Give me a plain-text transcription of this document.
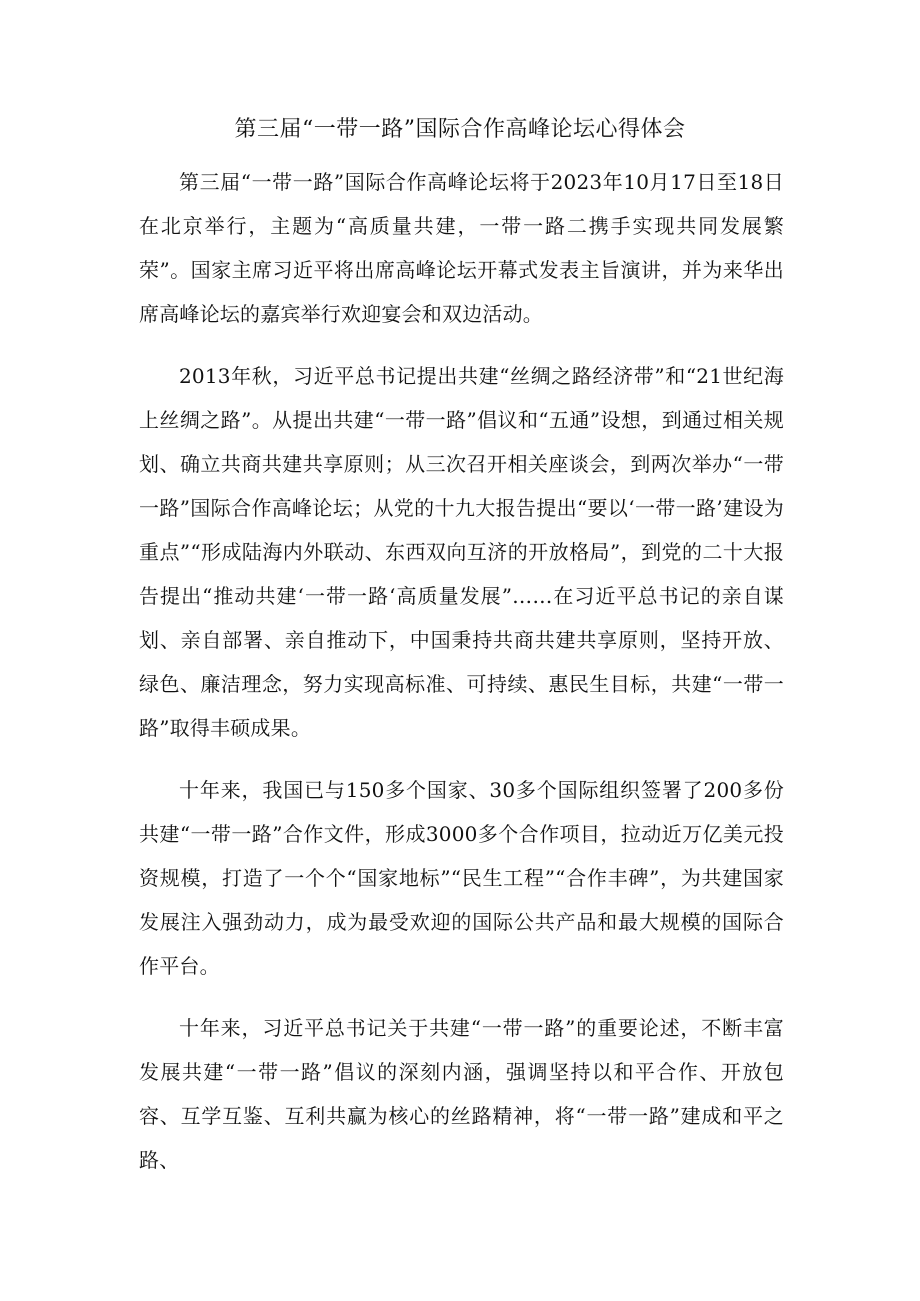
第三届“一带一路”国际合作高峰论坛心得体会

第三届“一带一路”国际合作高峰论坛将于2023年10月17日至18日在北京举行，主题为“高质量共建，一带一路二携手实现共同发展繁荣”。国家主席习近平将出席高峰论坛开幕式发表主旨演讲，并为来华出席高峰论坛的嘉宾举行欢迎宴会和双边活动。

2013年秋，习近平总书记提出共建“丝绸之路经济带”和“21世纪海上丝绸之路”。从提出共建“一带一路”倡议和“五通”设想，到通过相关规划、确立共商共建共享原则；从三次召开相关座谈会，到两次举办“一带一路”国际合作高峰论坛；从党的十九大报告提出“要以‘一带一路’建设为重点”“形成陆海内外联动、东西双向互济的开放格局”，到党的二十大报告提出“推动共建‘一带一路‘高质量发展”……在习近平总书记的亲自谋划、亲自部署、亲自推动下，中国秉持共商共建共享原则，坚持开放、绿色、廉洁理念，努力实现高标准、可持续、惠民生目标，共建“一带一路”取得丰硕成果。

十年来，我国已与150多个国家、30多个国际组织签署了200多份共建“一带一路”合作文件，形成3000多个合作项目，拉动近万亿美元投资规模，打造了一个个“国家地标”“民生工程”“合作丰碑”，为共建国家发展注入强劲动力，成为最受欢迎的国际公共产品和最大规模的国际合作平台。

十年来，习近平总书记关于共建“一带一路”的重要论述，不断丰富发展共建“一带一路”倡议的深刻内涵，强调坚持以和平合作、开放包容、互学互鉴、互利共赢为核心的丝路精神，将“一带一路”建成和平之路、
